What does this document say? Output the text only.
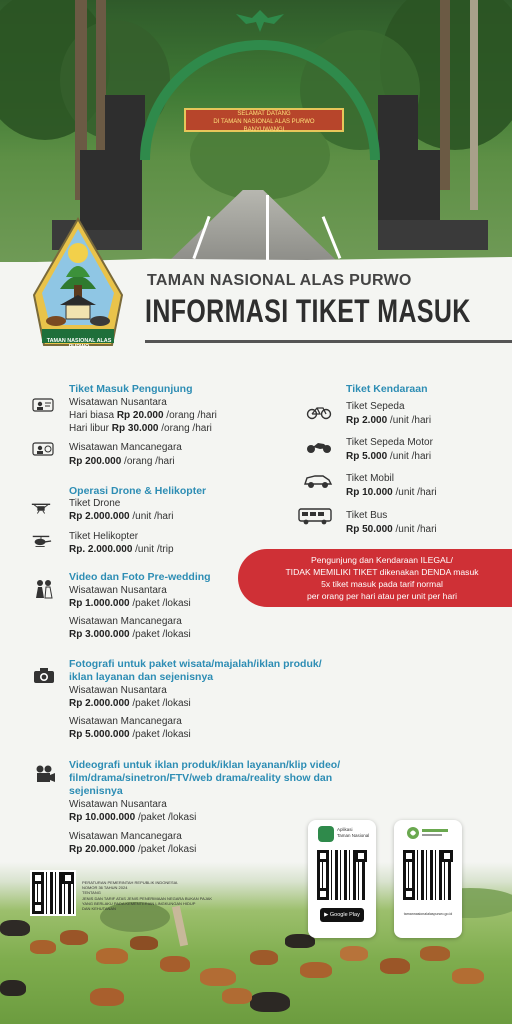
SELAMAT DATANG
DI TAMAN NASIONAL ALAS PURWO
BANYUWANGI
TAMAN NASIONAL ALAS PURWO
TAMAN NASIONAL ALAS PURWO
INFORMASI TIKET MASUK
Tiket Masuk Pengunjung
Wisatawan Nusantara
Hari biasa Rp 20.000 /orang /hari
Hari libur Rp 30.000 /orang /hari
Wisatawan Mancanegara
Rp 200.000 /orang /hari
Operasi Drone & Helikopter
Tiket Drone
Rp 2.000.000 /unit /hari
Tiket Helikopter
Rp. 2.000.000 /unit /trip
Video dan Foto Pre-wedding
Wisatawan Nusantara
Rp 1.000.000 /paket /lokasi
Wisatawan Mancanegara
Rp 3.000.000 /paket /lokasi
Fotografi untuk paket wisata/majalah/iklan produk/
iklan layanan dan sejenisnya
Wisatawan Nusantara
Rp 2.000.000 /paket /lokasi
Wisatawan Mancanegara
Rp 5.000.000 /paket /lokasi
Videografi untuk iklan produk/iklan layanan/klip video/
film/drama/sinetron/FTV/web drama/reality show dan
sejenisnya
Wisatawan Nusantara
Rp 10.000.000 /paket /lokasi
Wisatawan Mancanegara
Rp 20.000.000 /paket /lokasi
Tiket Kendaraan
Tiket Sepeda
Rp 2.000 /unit /hari
Tiket Sepeda Motor
Rp 5.000 /unit /hari
Tiket Mobil
Rp 10.000 /unit /hari
Tiket Bus
Rp 50.000 /unit /hari
Pengunjung dan Kendaraan ILEGAL/
TIDAK MEMILIKI TIKET dikenakan DENDA masuk
5x tiket masuk pada tarif normal
per orang per hari atau per unit per hari
PERATURAN PEMERINTAH REPUBLIK INDONESIA
NOMOR 36 TAHUN 2024
TENTANG
JENIS DAN TARIF ATAS JENIS PENERIMAAN NEGARA BUKAN PAJAK
YANG BERLAKU PADA KEMENTERIAN LINGKUNGAN HIDUP
DAN KEHUTANAN
Aplikasi
Taman Nasional
▶ Google Play	tamannasionalalaspurwo.go.id
